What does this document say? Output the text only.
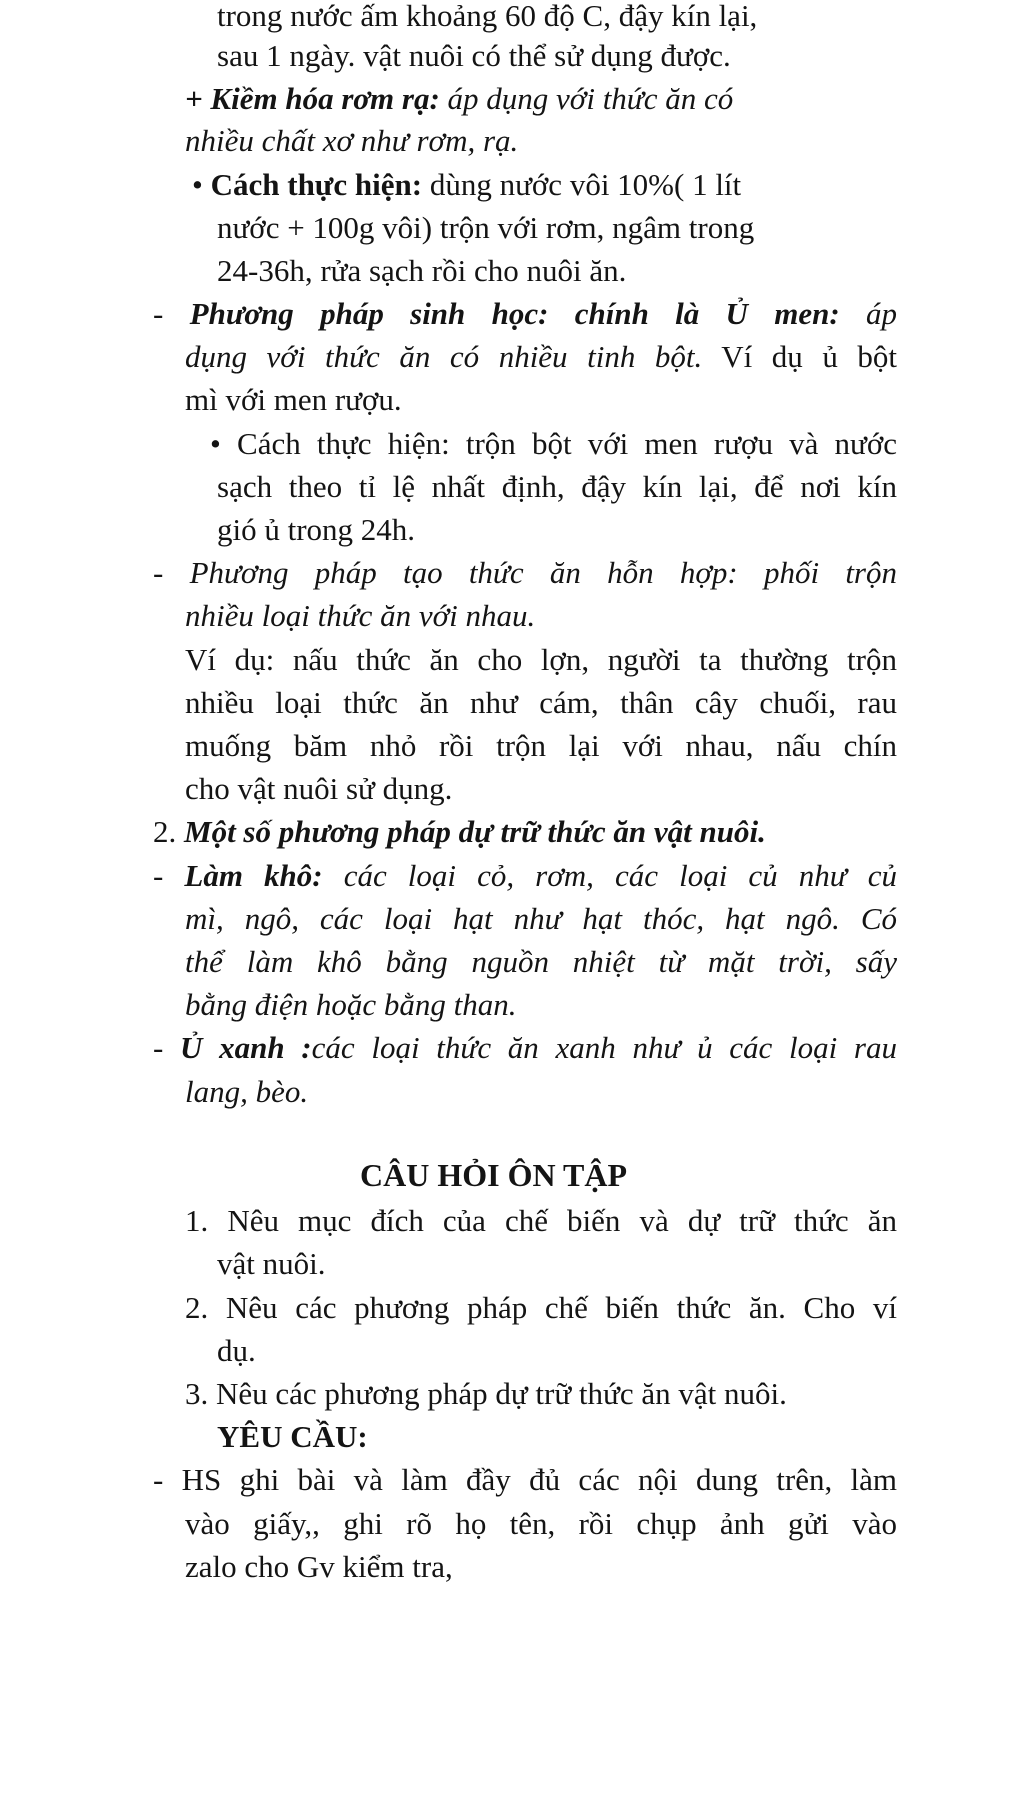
CÂU HỎI ÔN TẬP
trong nước ấm khoảng 60 độ C, đậy kín lại,
sau 1 ngày. vật nuôi có thể sử dụng được.
+ Kiềm hóa rơm rạ: áp dụng với thức ăn có
nhiều chất xơ như rơm, rạ.
• Cách thực hiện: dùng nước vôi 10%( 1 lít
nước + 100g vôi) trộn với rơm, ngâm trong
24-36h, rửa sạch rồi cho nuôi ăn.
- Phương pháp sinh học: chính là Ủ men: áp
dụng với thức ăn có nhiều tinh bột. Ví dụ ủ bột
mì với men rượu.
• Cách thực hiện: trộn bột với men rượu và nước
sạch theo tỉ lệ nhất định, đậy kín lại, để nơi kín
gió ủ trong 24h.
- Phương pháp tạo thức ăn hỗn hợp: phối trộn
nhiều loại thức ăn với nhau.
Ví dụ: nấu thức ăn cho lợn, người ta thường trộn
nhiều loại thức ăn như cám, thân cây chuối, rau
muống băm nhỏ rồi trộn lại với nhau, nấu chín
cho vật nuôi sử dụng.
2. Một số phương pháp dự trữ thức ăn vật nuôi.
- Làm khô: các loại cỏ, rơm, các loại củ như củ
mì, ngô, các loại hạt như hạt thóc, hạt ngô. Có
thể làm khô bằng nguồn nhiệt từ mặt trời, sấy
bằng điện hoặc bằng than.
- Ủ xanh :các loại thức ăn xanh như ủ các loại rau
lang, bèo.
1. Nêu mục đích của chế biến và dự trữ thức ăn
vật nuôi.
2. Nêu các phương pháp chế biến thức ăn. Cho ví
dụ.
3. Nêu các phương pháp dự trữ thức ăn vật nuôi.
YÊU CẦU:
- HS ghi bài và làm đầy đủ các nội dung trên, làm
vào giấy,, ghi rõ họ tên, rồi chụp ảnh gửi vào
zalo cho Gv kiểm tra,
